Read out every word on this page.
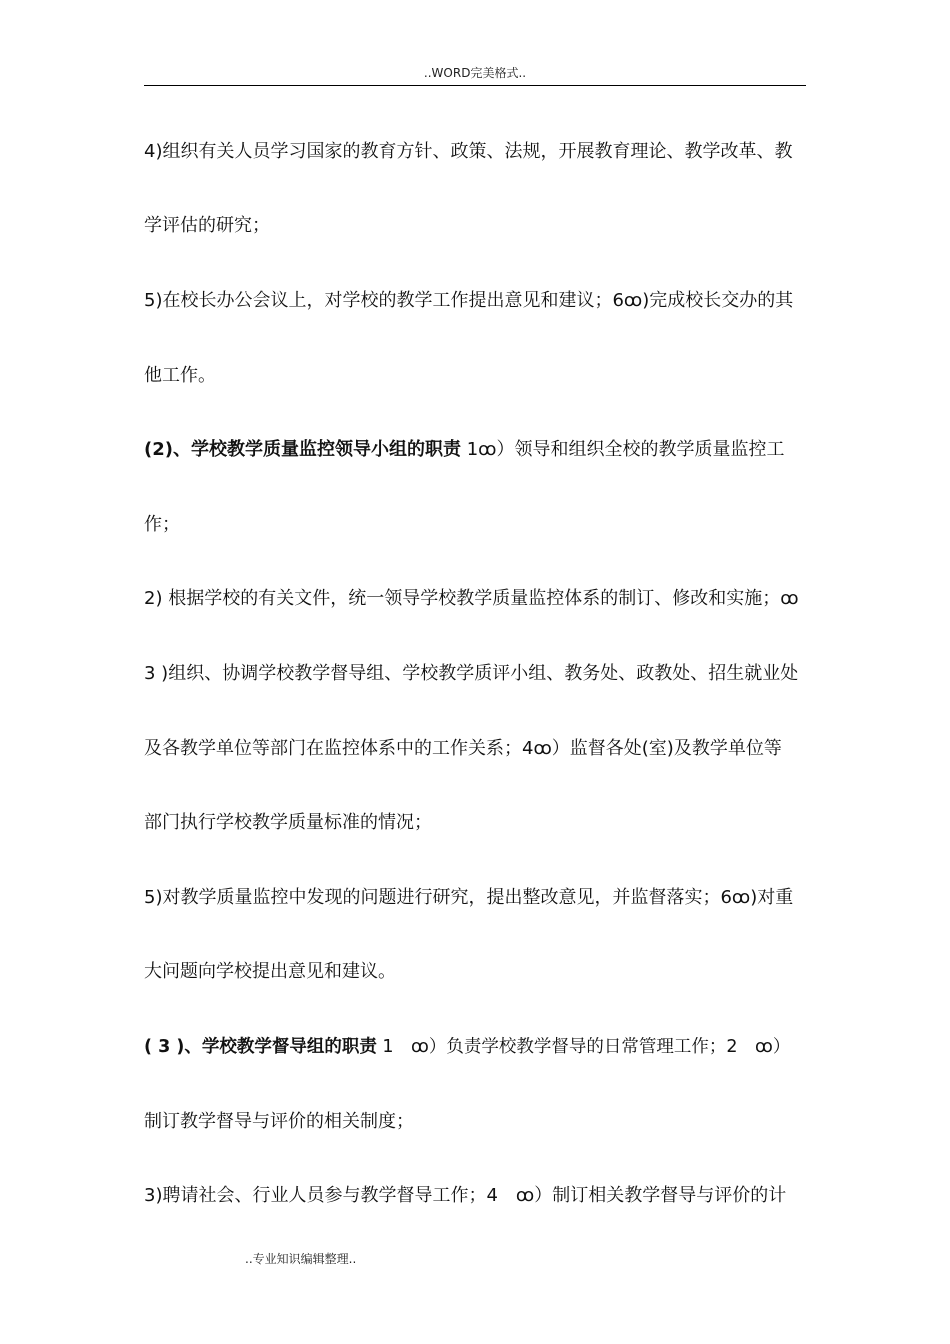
..WORD完美格式..
4)组织有关人员学习国家的教育方针、政策、法规，开展教育理论、教学改革、教
学评估的研究；
5)在校长办公会议上，对学校的教学工作提出意见和建议；6ꝏ)完成校长交办的其
他工作。
(2)、学校教学质量监控领导小组的职责 1ꝏ）领导和组织全校的教学质量监控工
作；
2) 根据学校的有关文件，统一领导学校教学质量监控体系的制订、修改和实施；ꝏ
3 )组织、协调学校教学督导组、学校教学质评小组、教务处、政教处、招生就业处
及各教学单位等部门在监控体系中的工作关系；4ꝏ）监督各处(室)及教学单位等
部门执行学校教学质量标准的情况；
5)对教学质量监控中发现的问题进行研究，提出整改意见，并监督落实；6ꝏ)对重
大问题向学校提出意见和建议。
( 3 )、学校教学督导组的职责 1　ꝏ）负责学校教学督导的日常管理工作；2　ꝏ）
制订教学督导与评价的相关制度；
3)聘请社会、行业人员参与教学督导工作；4　ꝏ）制订相关教学督导与评价的计
..专业知识编辑整理..
